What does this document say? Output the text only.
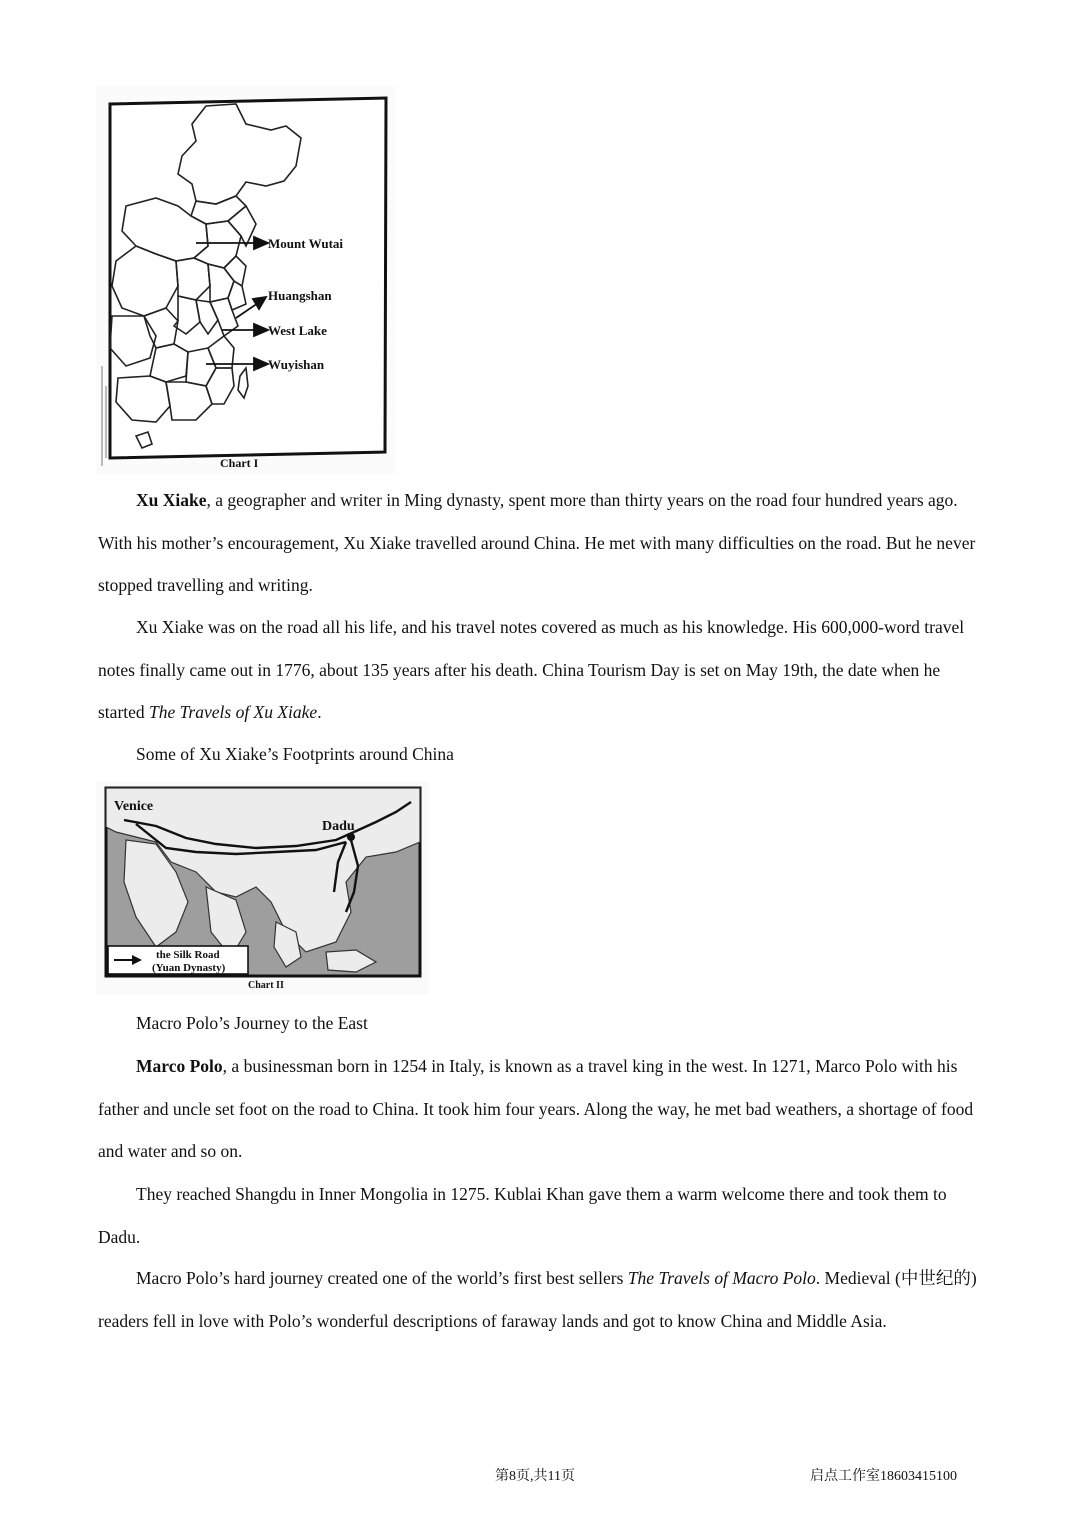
Mount Wutai
Huangshan
West Lake
Wuyishan
Chart I

Xu Xiake, a geographer and writer in Ming dynasty, spent more than thirty years on the road four hundred years ago. With his mother’s encouragement, Xu Xiake travelled around China. He met with many difficulties on the road. But he never stopped travelling and writing.

Xu Xiake was on the road all his life, and his travel notes covered as much as his knowledge. His 600,000-word travel notes finally came out in 1776, about 135 years after his death. China Tourism Day is set on May 19th, the date when he started The Travels of Xu Xiake.

Some of Xu Xiake’s Footprints around China

Venice
Dadu
the Silk Road
(Yuan Dynasty)
Chart II

Macro Polo’s Journey to the East

Marco Polo, a businessman born in 1254 in Italy, is known as a travel king in the west. In 1271, Marco Polo with his father and uncle set foot on the road to China. It took him four years. Along the way, he met bad weathers, a shortage of food and water and so on.

They reached Shangdu in Inner Mongolia in 1275. Kublai Khan gave them a warm welcome there and took them to Dadu.

Macro Polo’s hard journey created one of the world’s first best sellers The Travels of Macro Polo. Medieval (中世纪的) readers fell in love with Polo’s wonderful descriptions of faraway lands and got to know China and Middle Asia.

第8页,共11页	启点工作室18603415100
